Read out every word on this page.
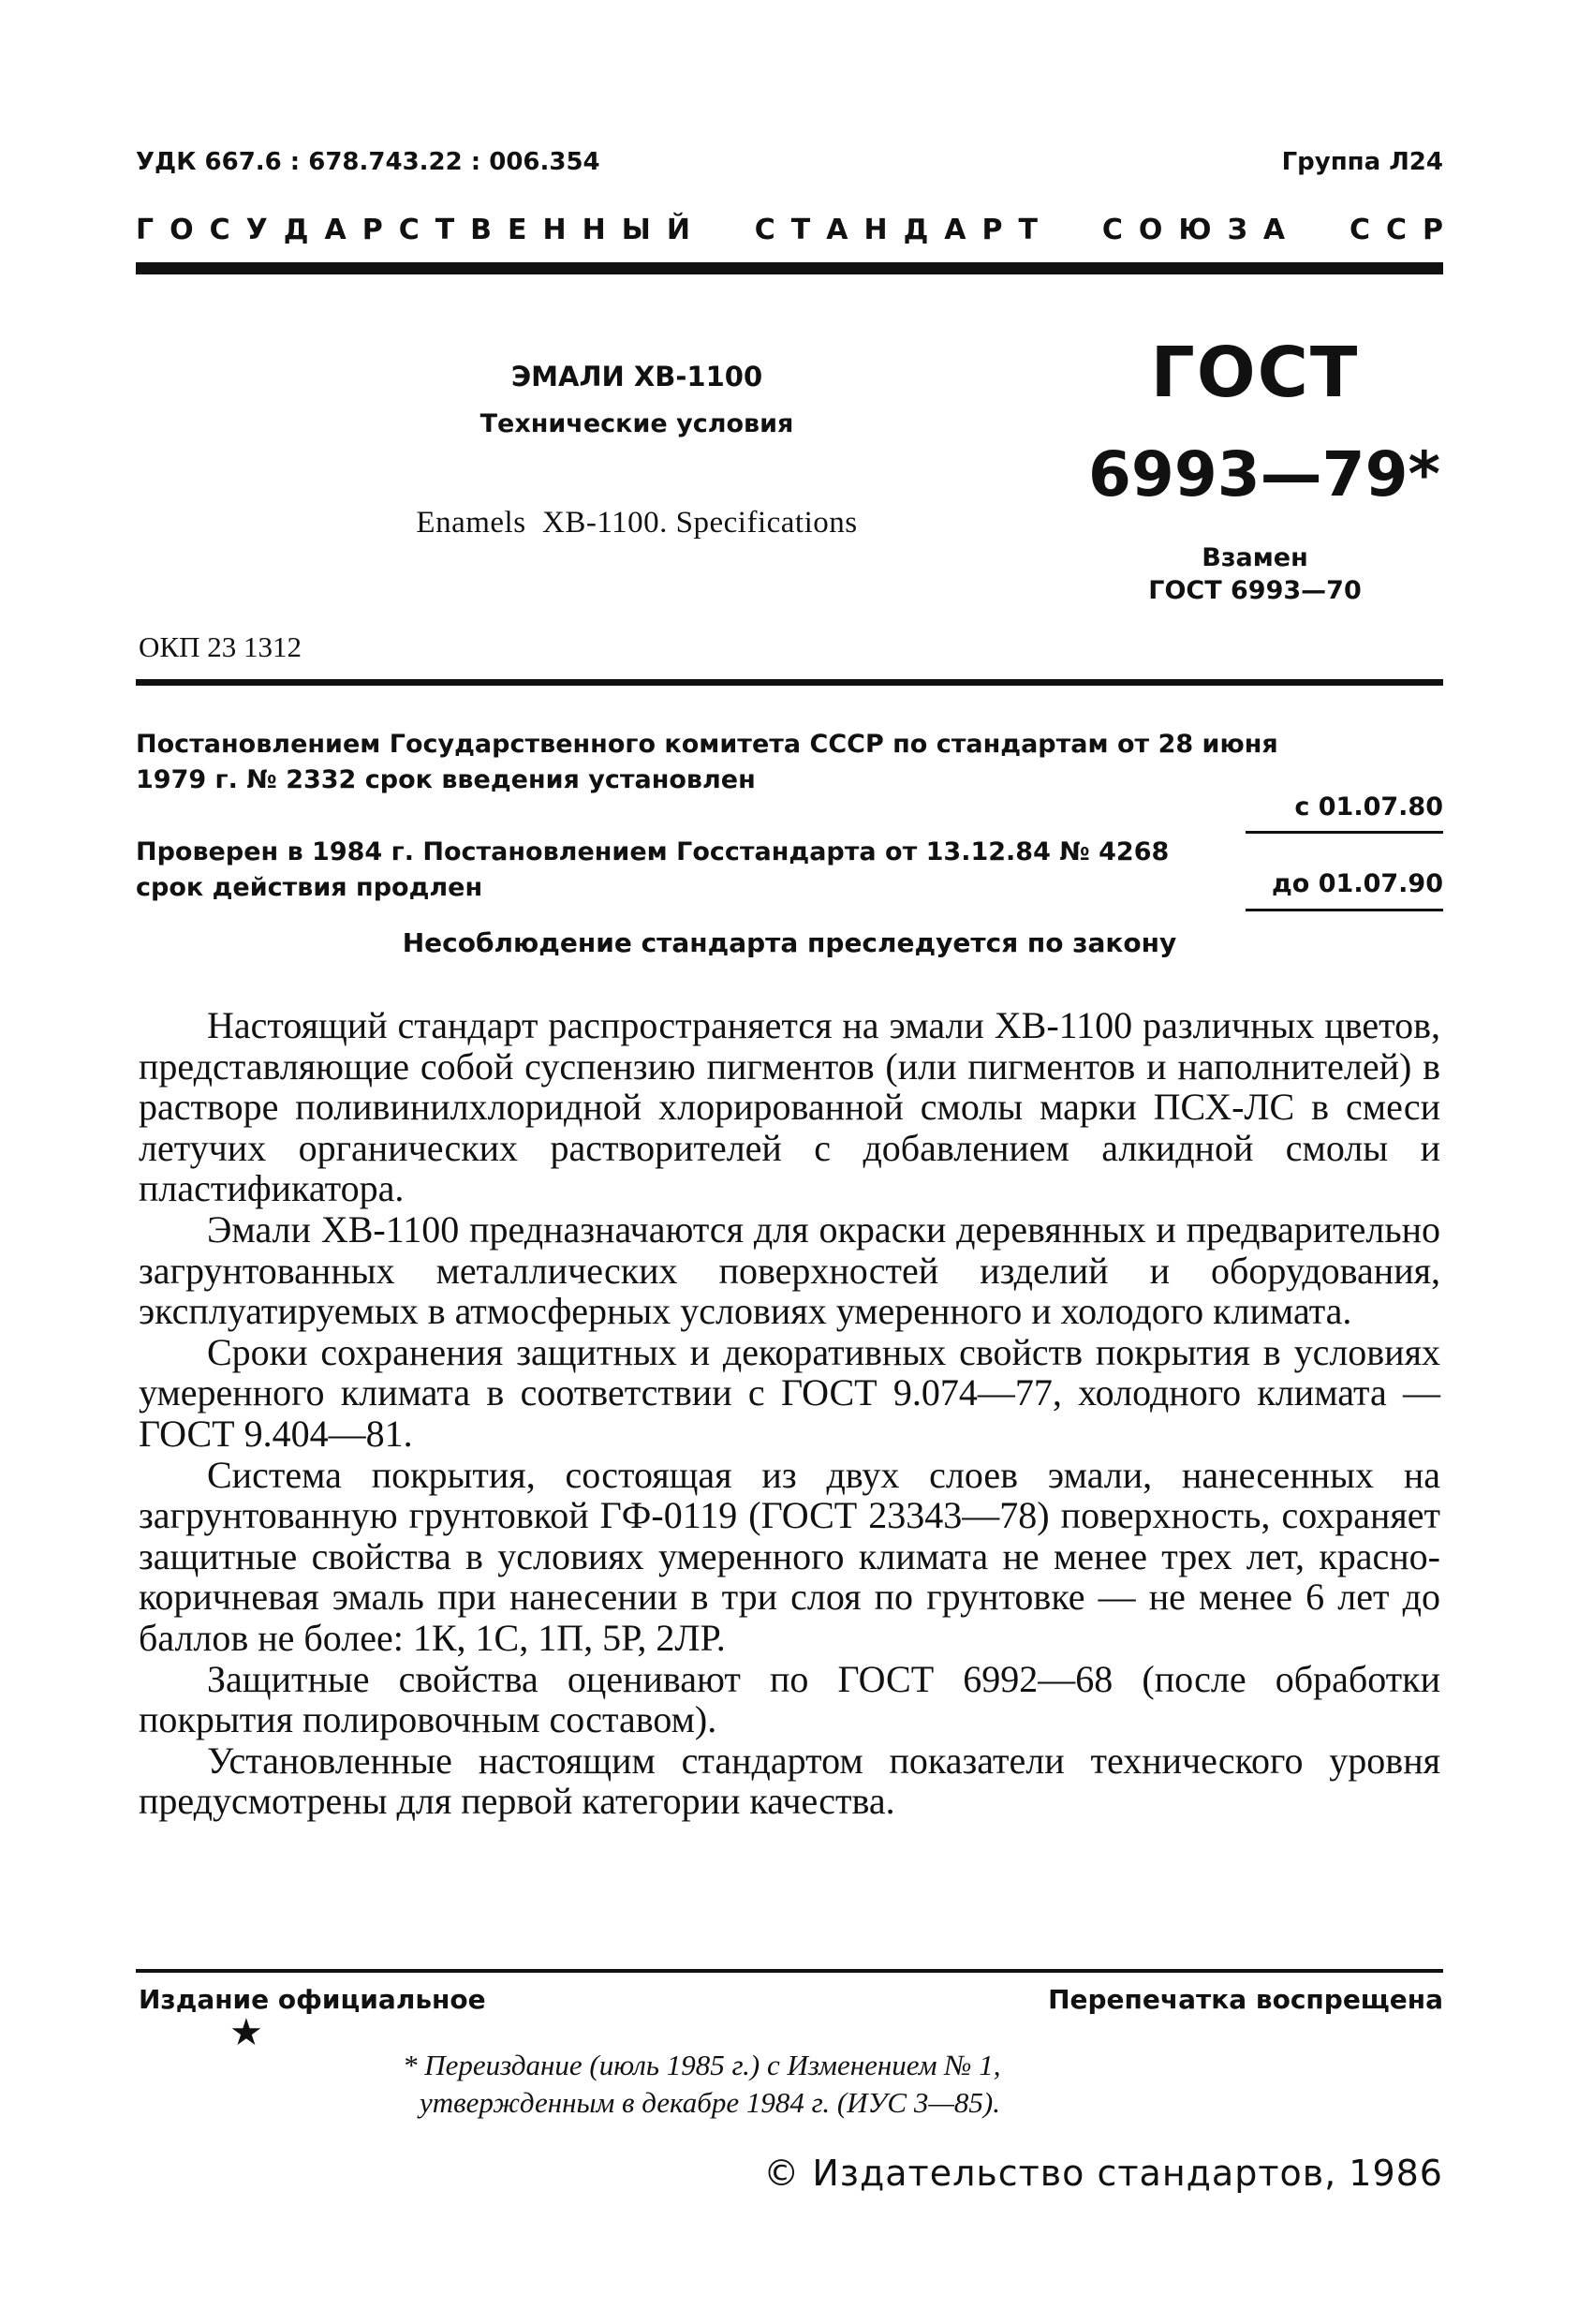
УДК 667.6 : 678.743.22 : 006.354	Группа Л24
ГОСУДАРСТВЕННЫЙ СТАНДАРТ СОЮЗА ССР
ЭМАЛИ ХВ-1100
Технические условия
Enamels  ХВ-1100. Specifications
ГОСТ
6993—79*
Взамен
ГОСТ 6993—70
ОКП 23 1312
Постановлением Государственного комитета СССР по стандартам от 28 июня
1979 г. № 2332 срок введения установлен
с 01.07.80
Проверен в 1984 г. Постановлением Госстандарта от 13.12.84 № 4268
срок действия продлен	до 01.07.90
Несоблюдение стандарта преследуется по закону

Настоящий стандарт распространяется на эмали ХВ-1100 различных цветов, представляющие собой суспензию пигментов (или пигментов и наполнителей) в растворе поливинилхлоридной хлорированной смолы марки ПСХ-ЛС в смеси летучих органических растворителей с добавлением алкидной смолы и пластификатора.

Эмали ХВ-1100 предназначаются для окраски деревянных и предварительно загрунтованных металлических поверхностей изделий и оборудования, эксплуатируемых в атмосферных условиях умеренного и холодого климата.

Сроки сохранения защитных и декоративных свойств покрытия в условиях умеренного климата в соответствии с ГОСТ 9.074—77, холодного климата — ГОСТ 9.404—81.

Система покрытия, состоящая из двух слоев эмали, нанесенных на загрунтованную грунтовкой ГФ-0119 (ГОСТ 23343—78) поверхность, сохраняет защитные свойства в условиях умеренного климата не менее трех лет, красно-коричневая эмаль при нанесении в три слоя по грунтовке — не менее 6 лет до баллов не более: 1К, 1С, 1П, 5Р, 2ЛР.

Защитные свойства оценивают по ГОСТ 6992—68 (после обработки покрытия полировочным составом).

Установленные настоящим стандартом показатели технического уровня предусмотрены для первой категории качества.

Издание официальное	Перепечатка воспрещена
★
* Переиздание (июль 1985 г.) с Изменением № 1,
утвержденным в декабре 1984 г. (ИУС 3—85).
© Издательство стандартов, 1986
